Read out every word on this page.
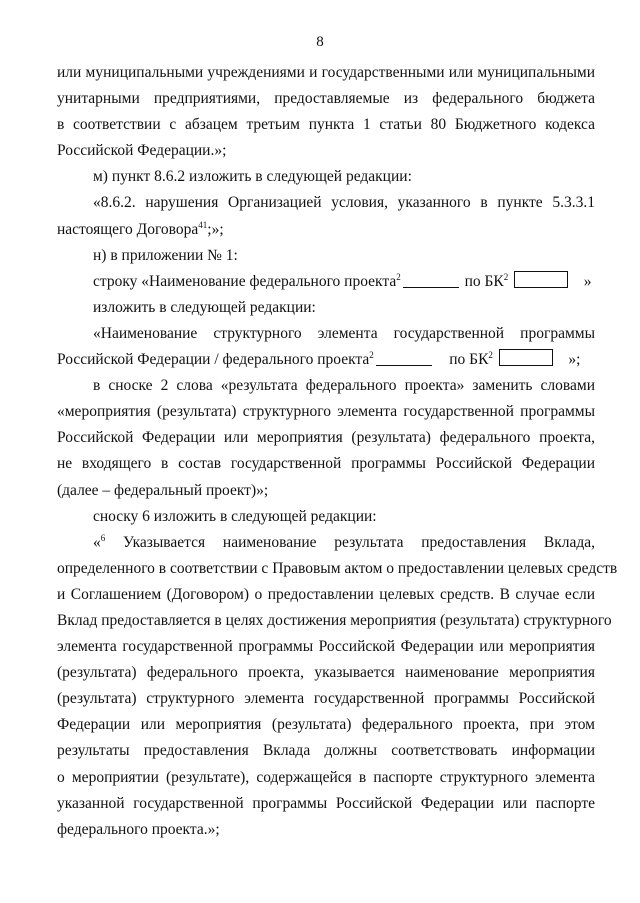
8
или муниципальными учреждениями и государственными или муниципальными
унитарными предприятиями, предоставляемые из федерального бюджета
в соответствии с абзацем третьим пункта 1 статьи 80 Бюджетного кодекса
Российской Федерации.»;
м) пункт 8.6.2 изложить в следующей редакции:
«8.6.2. нарушения Организацией условия, указанного в пункте 5.3.3.1
настоящего Договора$^{41}$;»;
н) в приложении № 1:
строку «Наименование федерального проекта$^2$	по $БК^2$	»
изложить в следующей редакции:
«Наименование структурного элемента государственной программы
Российской Федерации / федерального проекта$^2$	по $БК^2$	»;
в сноске 2 слова «результата федерального проекта» заменить словами
«мероприятия (результата) структурного элемента государственной программы
Российской Федерации или мероприятия (результата) федерального проекта,
не входящего в состав государственной программы Российской Федерации
(далее – федеральный проект)»;
сноску 6 изложить в следующей редакции:
«$^6$ Указывается наименование результата предоставления Вклада,
определенного в соответствии с Правовым актом о предоставлении целевых средств
и Соглашением (Договором) о предоставлении целевых средств. В случае если
Вклад предоставляется в целях достижения мероприятия (результата) структурного
элемента государственной программы Российской Федерации или мероприятия
(результата) федерального проекта, указывается наименование мероприятия
(результата) структурного элемента государственной программы Российской
Федерации или мероприятия (результата) федерального проекта, при этом
результаты предоставления Вклада должны соответствовать информации
о мероприятии (результате), содержащейся в паспорте структурного элемента
указанной государственной программы Российской Федерации или паспорте
федерального проекта.»;
